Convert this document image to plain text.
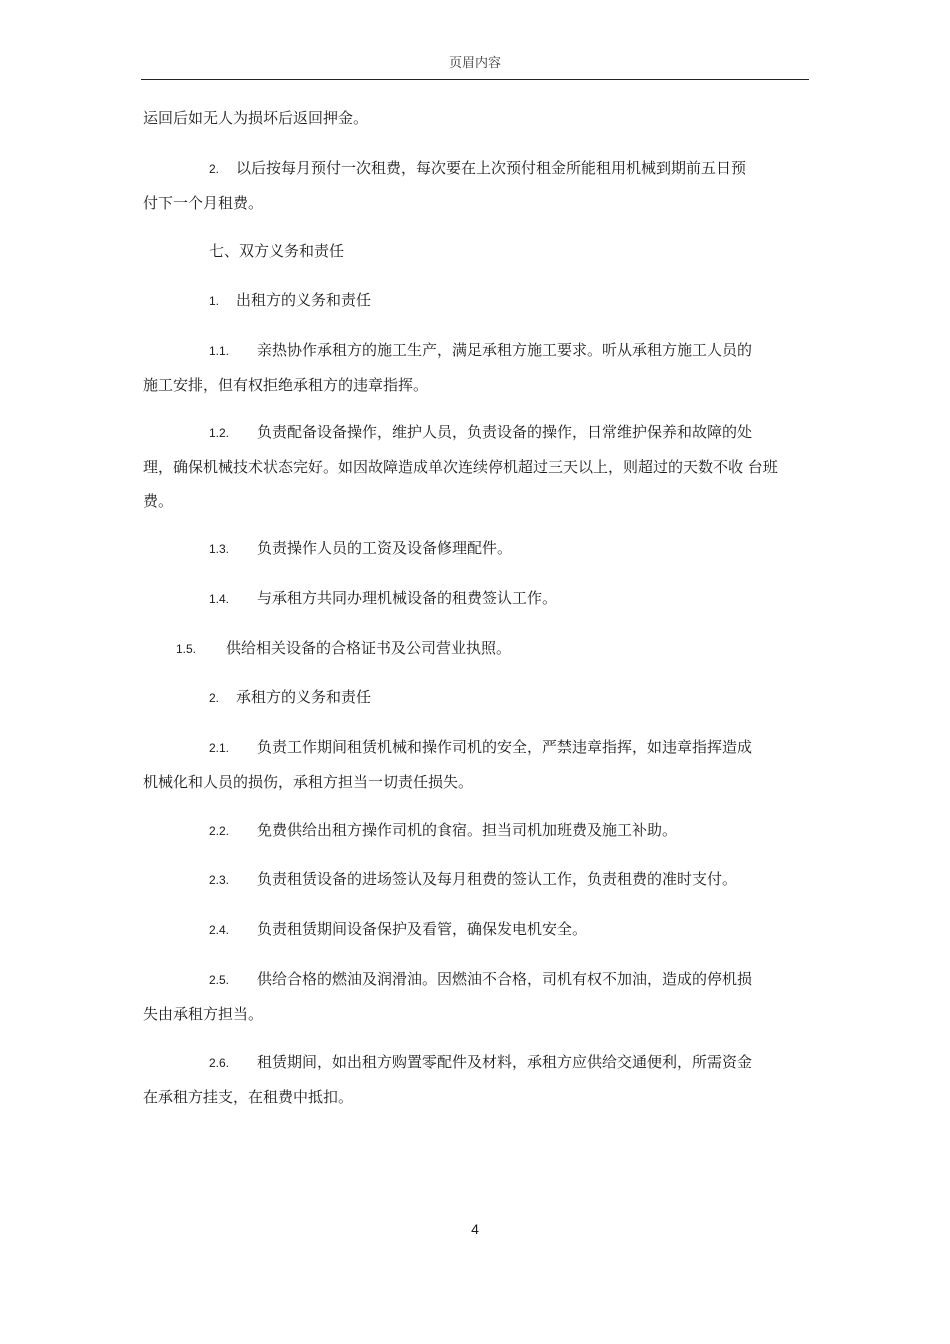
页眉内容
运回后如无人为损坏后返回押金。
2. 以后按每月预付一次租费，每次要在上次预付租金所能租用机械到期前五日预
付下一个月租费。
七、双方义务和责任
1. 出租方的义务和责任
1.1. 亲热协作承租方的施工生产，满足承租方施工要求。听从承租方施工人员的
施工安排，但有权拒绝承租方的违章指挥。
1.2. 负责配备设备操作，维护人员，负责设备的操作，日常维护保养和故障的处
理，确保机械技术状态完好。如因故障造成单次连续停机超过三天以上，则超过的天数不收 台班
费。
1.3. 负责操作人员的工资及设备修理配件。
1.4. 与承租方共同办理机械设备的租费签认工作。
1.5. 供给相关设备的合格证书及公司营业执照。
2. 承租方的义务和责任
2.1. 负责工作期间租赁机械和操作司机的安全，严禁违章指挥，如违章指挥造成
机械化和人员的损伤，承租方担当一切责任损失。
2.2. 免费供给出租方操作司机的食宿。担当司机加班费及施工补助。
2.3. 负责租赁设备的进场签认及每月租费的签认工作，负责租费的准时支付。
2.4. 负责租赁期间设备保护及看管，确保发电机安全。
2.5. 供给合格的燃油及润滑油。因燃油不合格，司机有权不加油，造成的停机损
失由承租方担当。
2.6. 租赁期间，如出租方购置零配件及材料，承租方应供给交通便利，所需资金
在承租方挂支，在租费中抵扣。
4
